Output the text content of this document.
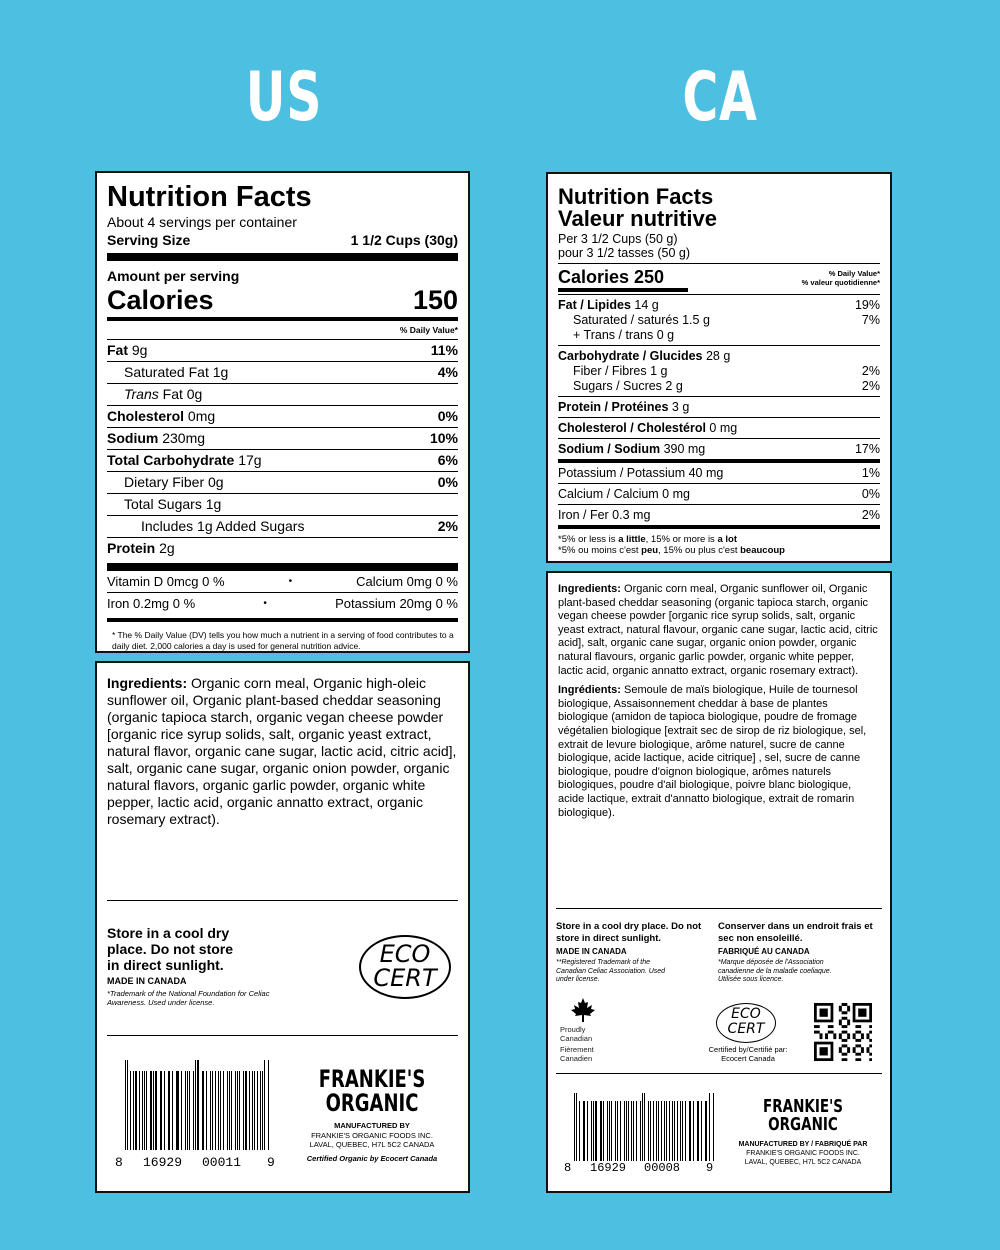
US	CA
Nutrition Facts
About 4 servings per container
Serving Size	1 1/2 Cups (30g)
Amount per serving
Calories	150
% Daily Value*
Fat 9g	11%
Saturated Fat 1g	4%
Trans Fat 0g
Cholesterol 0mg	0%
Sodium 230mg	10%
Total Carbohydrate 17g	6%
Dietary Fiber 0g	0%
Total Sugars 1g
Includes 1g Added Sugars	2%
Protein 2g
Vitamin D 0mcg 0 %	•	Calcium 0mg 0 %
Iron 0.2mg 0 %	•	Potassium 20mg 0 %
* The % Daily Value (DV) tells you how much a nutrient in a serving of food contributes to a daily diet. 2,000 calories a day is used for general nutrition advice.
Ingredients: Organic corn meal, Organic high-oleic sunflower oil, Organic plant-based cheddar seasoning (organic tapioca starch, organic vegan cheese powder [organic rice syrup solids, salt, organic yeast extract, natural flavor, organic cane sugar, lactic acid, citric acid], salt, organic cane sugar, organic onion powder, organic natural flavors, organic garlic powder, organic white pepper, lactic acid, organic annatto extract, organic rosemary extract).
Store in a cool dry place. Do not store in direct sunlight.
MADE IN CANADA
*Trademark of the National Foundation for Celiac Awareness. Used under license.
ECO
CERT
8 16929 00011 9
FRANKIE'S
ORGANIC
MANUFACTURED BY
FRANKIE'S ORGANIC FOODS INC.
LAVAL, QUEBEC, H7L 5C2 CANADA
Certified Organic by Ecocert Canada
Nutrition Facts
Valeur nutritive
Per 3 1/2 Cups (50 g)
pour 3 1/2 tasses (50 g)
Calories 250	% Daily Value*
% valeur quotidienne*
Fat / Lipides 14 g	19%
Saturated / saturés 1.5 g	7%
+ Trans / trans 0 g
Carbohydrate / Glucides 28 g
Fiber / Fibres 1 g	2%
Sugars / Sucres 2 g	2%
Protein / Protéines 3 g
Cholesterol / Cholestérol 0 mg
Sodium / Sodium 390 mg	17%
Potassium / Potassium 40 mg	1%
Calcium / Calcium 0 mg	0%
Iron / Fer 0.3 mg	2%
*5% or less is a little, 15% or more is a lot
*5% ou moins c'est peu, 15% ou plus c'est beaucoup
Ingredients: Organic corn meal, Organic sunflower oil, Organic plant-based cheddar seasoning (organic tapioca starch, organic vegan cheese powder [organic rice syrup solids, salt, organic yeast extract, natural flavour, organic cane sugar, lactic acid, citric acid], salt, organic cane sugar, organic onion powder, organic natural flavours, organic garlic powder, organic white pepper, lactic acid, organic annatto extract, organic rosemary extract).
Ingrédients: Semoule de maïs biologique, Huile de tournesol biologique, Assaisonnement cheddar à base de plantes biologique (amidon de tapioca biologique, poudre de fromage végétalien biologique [extrait sec de sirop de riz biologique, sel, extrait de levure biologique, arôme naturel, sucre de canne biologique, acide lactique, acide citrique] , sel, sucre de canne biologique, poudre d'oignon biologique, arômes naturels biologiques, poudre d'ail biologique, poivre blanc biologique, acide lactique, extrait d'annatto biologique, extrait de romarin biologique).
Store in a cool dry place. Do not store in direct sunlight.
MADE IN CANADA
**Registered Trademark of the Canadian Celiac Association. Used under license.
Conserver dans un endroit frais et sec non ensoleillé.
FABRIQUÉ AU CANADA
*Marque déposée de l'Association canadienne de la maladie coeliaque. Utilisée sous licence.
Proudly
Canadian
Fièrement
Canadien
ECO
CERT
Certified by/Certifié par:
Ecocert Canada
8 16929 00008 9
FRANKIE'S
ORGANIC
MANUFACTURED BY / FABRIQUÉ PAR
FRANKIE'S ORGANIC FOODS INC.
LAVAL, QUEBEC, H7L 5C2 CANADA
